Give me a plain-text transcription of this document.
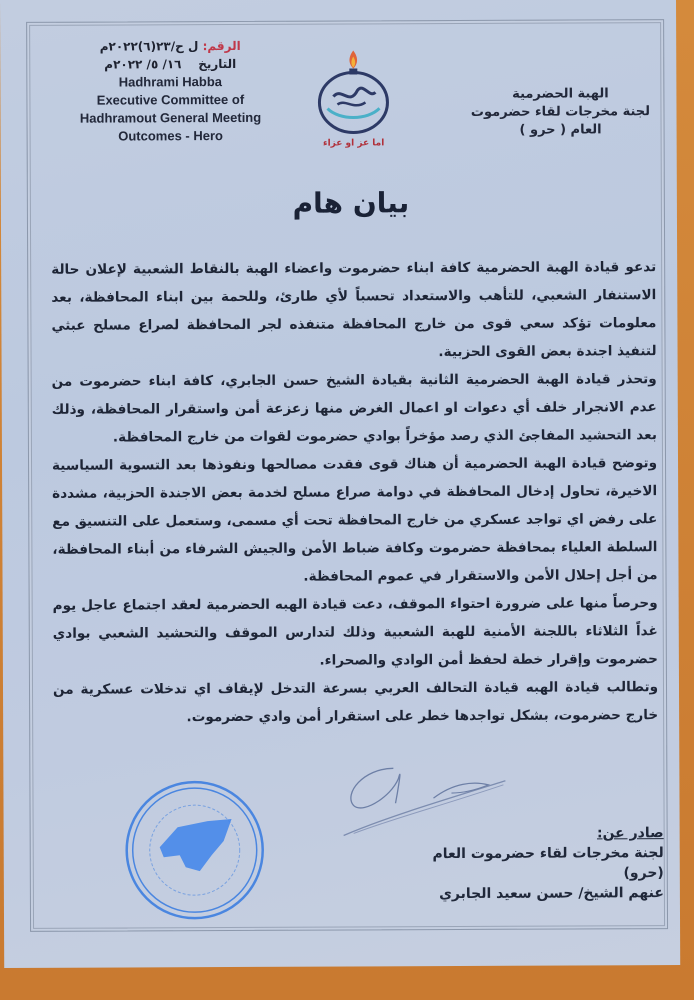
الرقم: ل ح/٢٣(٦)٢٠٢٢م
التاريخ    ١٦/ ٥/ ٢٠٢٢م
Hadhrami Habba
Executive Committee of
Hadhramout General Meeting
Outcomes - Hero	اما عز او عزاء
الهبة الحضرمية
لجنة مخرجات لقاء حضرموت
العام ( حرو )
بيان هام

تدعو قيادة الهبة الحضرمية كافة ابناء حضرموت واعضاء الهبة بالنقاط الشعبية لإعلان حالة الاستنفار الشعبي، للتأهب والاستعداد تحسباً لأي طارئ، وللحمة بين ابناء المحافظة، بعد معلومات تؤكد سعي قوى من خارج المحافظة متنفذه لجر المحافظة لصراع مسلح عبثي لتنفيذ اجندة بعض القوى الحزبية.

وتحذر قيادة الهبة الحضرمية الثانية بقيادة الشيخ حسن الجابري، كافة ابناء حضرموت من عدم الانجرار خلف أي دعوات او اعمال الغرض منها زعزعة أمن واستقرار المحافظة، وذلك بعد التحشيد المفاجئ الذي رصد مؤخراً بوادي حضرموت لقوات من خارج المحافظة.

وتوضح قيادة الهبة الحضرمية أن هناك قوى فقدت مصالحها ونفوذها بعد التسوية السياسية الاخيرة، تحاول إدخال المحافظة في دوامة صراع مسلح لخدمة بعض الاجندة الحزبية، مشددة على رفض اي تواجد عسكري من خارج المحافظة تحت أي مسمى، وستعمل على التنسيق مع السلطة العلياء بمحافظة حضرموت وكافة ضباط الأمن والجيش الشرفاء من أبناء المحافظة، من أجل إحلال الأمن والاستقرار في عموم المحافظة.

وحرصاً منها على ضرورة احتواء الموقف، دعت قيادة الهبه الحضرمية لعقد اجتماع عاجل يوم غداً الثلاثاء باللجنة الأمنية للهبة الشعبية وذلك لتدارس الموقف والتحشيد الشعبي بوادي حضرموت وإقرار خطة لحفظ أمن الوادي والصحراء.

وتطالب قيادة الهبه قيادة التحالف العربي بسرعة التدخل لإيقاف اي تدخلات عسكرية من خارج حضرموت، بشكل تواجدها خطر على استقرار أمن وادي حضرموت.

صادر عن:
لجنة مخرجات لقاء حضرموت العام (حرو)
عنهم الشيخ/ حسن سعيد الجابري
